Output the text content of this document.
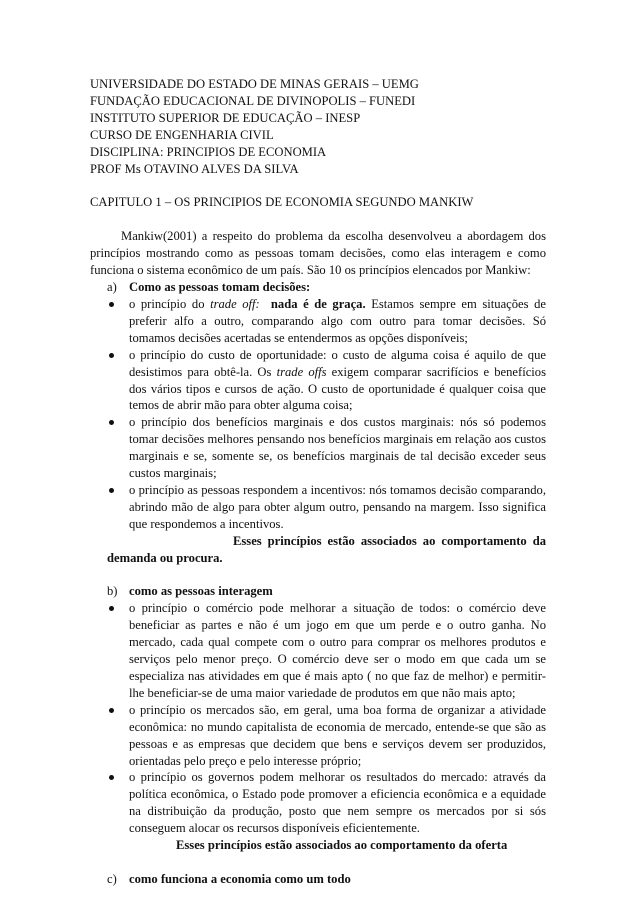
UNIVERSIDADE DO ESTADO DE MINAS GERAIS – UEMG
FUNDAÇÃO EDUCACIONAL DE DIVINOPOLIS – FUNEDI
INSTITUTO SUPERIOR DE EDUCAÇÃO – INESP
CURSO DE ENGENHARIA CIVIL
DISCIPLINA: PRINCIPIOS DE ECONOMIA
PROF Ms OTAVINO ALVES DA SILVA
CAPITULO 1 – OS PRINCIPIOS DE ECONOMIA SEGUNDO MANKIW

Mankiw(2001) a respeito do problema da escolha desenvolveu a abordagem dos princípios mostrando como as pessoas tomam decisões, como elas interagem e como funciona o sistema econômico de um país. São 10 os princípios elencados por Mankiw:

a) Como as pessoas tomam decisões:
o princípio do trade off:  nada é de graça. Estamos sempre em situações de preferir alfo a outro, comparando algo com outro para tomar decisões. Só tomamos decisões acertadas se entendermos as opções disponíveis;
o princípio do custo de oportunidade: o custo de alguma coisa é aquilo de que desistimos para obtê-la. Os trade offs exigem comparar sacrifícios e benefícios dos vários tipos e cursos de ação. O custo de oportunidade é qualquer coisa que temos de abrir mão para obter alguma coisa;
o princípio dos benefícios marginais e dos custos marginais: nós só podemos tomar decisões melhores pensando nos benefícios marginais em relação aos custos marginais e se, somente se, os benefícios marginais de tal decisão exceder seus custos marginais;
o princípio as pessoas respondem a incentivos: nós tomamos decisão comparando, abrindo mão de algo para obter algum outro, pensando na margem. Isso significa que respondemos a incentivos.
Esses princípios estão associados ao comportamento da demanda ou procura.
b) como as pessoas interagem
o princípio o comércio pode melhorar a situação de todos: o comércio deve beneficiar as partes e não é um jogo em que um perde e o outro ganha. No mercado, cada qual compete com o outro para comprar os melhores produtos e serviços pelo menor preço. O comércio deve ser o modo em que cada um se especializa nas atividades em que é mais apto ( no que faz de melhor) e permitir-lhe beneficiar-se de uma maior variedade de produtos em que não mais apto;
o princípio os mercados são, em geral, uma boa forma de organizar a atividade econômica: no mundo capitalista de economia de mercado, entende-se que são as pessoas e as empresas que decidem que bens e serviços devem ser produzidos, orientadas pelo preço e pelo interesse próprio;
o princípio os governos podem melhorar os resultados do mercado: através da política econômica, o Estado pode promover a eficiencia econômica e a equidade na distribuição da produção, posto que nem sempre os mercados por si sós conseguem alocar os recursos disponíveis eficientemente.
Esses princípios estão associados ao comportamento da oferta
c) como funciona a economia como um todo
